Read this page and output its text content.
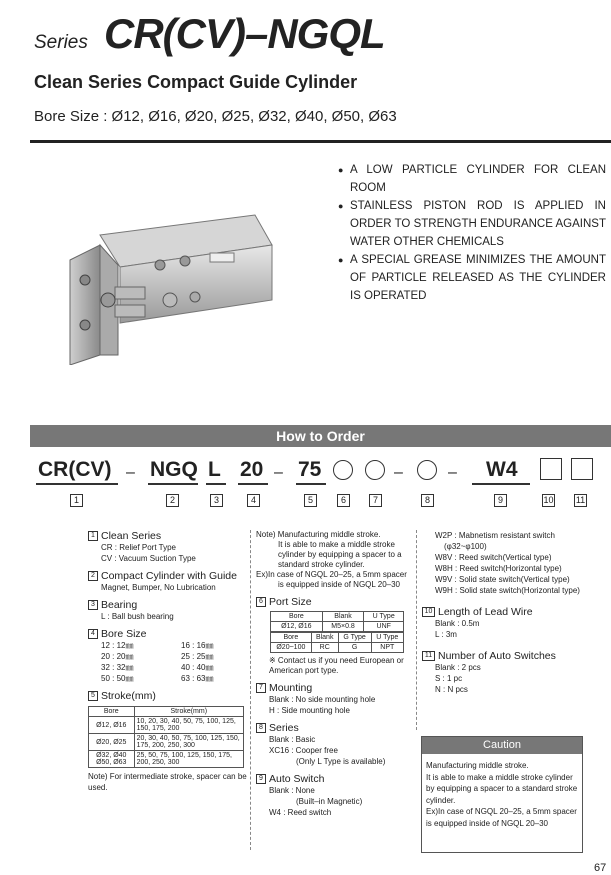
Series CR(CV)–NGQL
Clean Series Compact Guide Cylinder
Bore Size : Ø12, Ø16, Ø20, Ø25, Ø32, Ø40, Ø50, Ø63
● A LOW PARTICLE CYLINDER FOR CLEAN ROOM
● STAINLESS PISTON ROD IS APPLIED IN ORDER TO STRENGTH ENDURANCE AGAINST WATER OTHER CHEMICALS
● A SPECIAL GREASE MINIMIZES THE AMOUNT OF PARTICLE RELEASED AS THE CYLINDER IS OPERATED
How to Order
CR(CV) – NGQ L 20 – 75	–	– W4
1	2	3	4	5	6	7	8	9	10 11
1 Clean Series
CR : Relief Port Type
CV : Vacuum Suction Type
2 Compact Cylinder with Guide
Magnet, Bumper, No Lubrication
3 Bearing
L : Ball bush bearing
4 Bore Size
12 : 12㎜
20 : 20㎜
32 : 32㎜
50 : 50㎜
16 : 16㎜
25 : 25㎜
40 : 40㎜
63 : 63㎜
5 Stroke(mm)
Bore	Stroke(mm)
Ø12, Ø16	10, 20, 30, 40, 50, 75, 100, 125, 150, 175, 200
Ø20, Ø25	20, 30, 40, 50, 75, 100, 125, 150, 175, 200, 250, 300
Ø32, Ø40 Ø50, Ø63	25, 50, 75, 100, 125, 150, 175, 200, 250, 300
Note) For intermediate stroke, spacer can be used.
Note) Manufacturing middle stroke.
It is able to make a middle stroke
cylinder by equipping a spacer to a
standard stroke cylinder.
Ex)In case of NGQL 20–25, a 5mm spacer
is equipped inside of NGQL 20–30
6 Port Size
Bore	Blank	U Type
Ø12, Ø16	M5×0.8	UNF
Bore	Blank	G Type	U Type
Ø20~100	RC	G	NPT
※ Contact us if you need European or American port type.
7 Mounting
Blank : No side mounting hole
H : Side mounting hole
8 Series
Blank : Basic
XC16 : Cooper free
(Only L Type is available)
9 Auto Switch
Blank : None
(Built–in Magnetic)
W4 : Reed switch
W2P : Mabnetism resistant switch
(φ32~φ100)
W8V : Reed switch(Vertical type)
W8H : Reed switch(Horizontal type)
W9V : Solid state switch(Vertical type)
W9H : Solid state switch(Horizontal type)
10 Length of Lead Wire
Blank : 0.5m
L : 3m
11 Number of Auto Switches
Blank : 2 pcs
S : 1 pc
N : N pcs
Caution
Manufacturing middle stroke.
It is able to make a middle stroke cylinder by equipping a spacer to a standard stroke cylinder.
Ex)In case of NGQL 20–25, a 5mm spacer is equipped inside of NGQL 20–30
67
